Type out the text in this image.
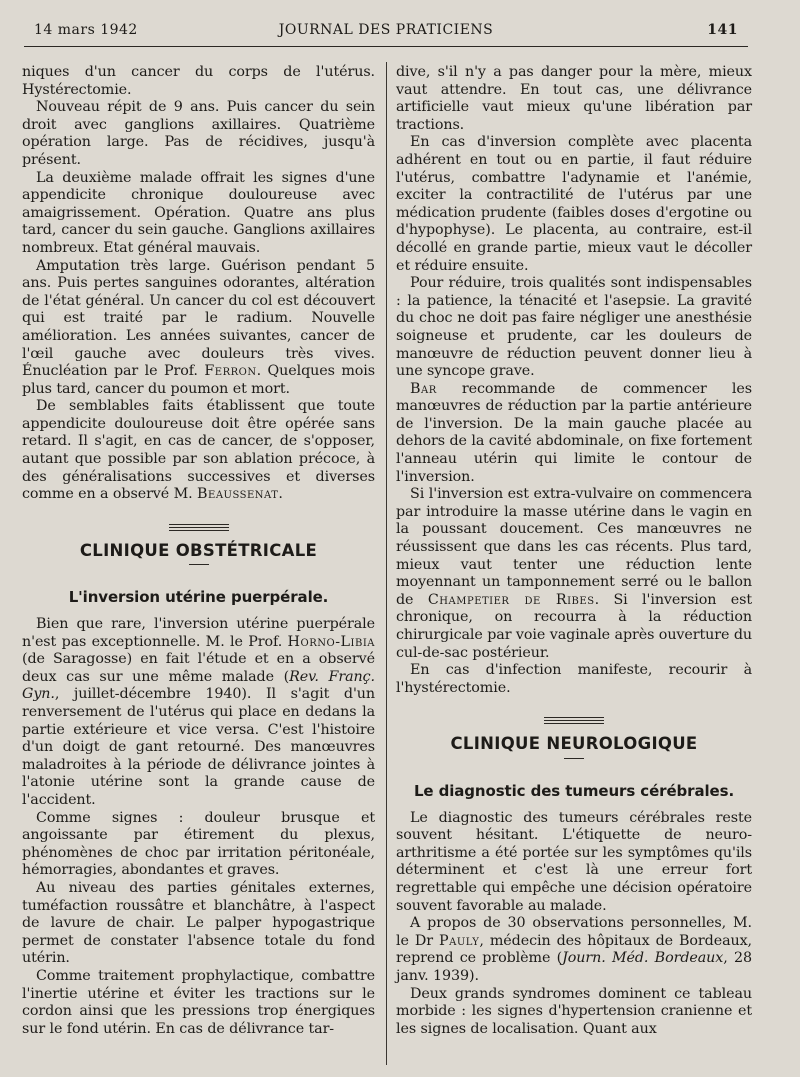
14 mars 1942	JOURNAL DES PRATICIENS	141

niques d'un cancer du corps de l'utérus. Hystérectomie.

Nouveau répit de 9 ans. Puis cancer du sein droit avec ganglions axillaires. Quatrième opération large. Pas de récidives, jusqu'à présent.

La deuxième malade offrait les signes d'une appendicite chronique douloureuse avec amaigrissement. Opération. Quatre ans plus tard, cancer du sein gauche. Ganglions axillaires nombreux. Etat général mauvais.

Amputation très large. Guérison pendant 5 ans. Puis pertes sanguines odorantes, altération de l'état général. Un cancer du col est découvert qui est traité par le radium. Nouvelle amélioration. Les années suivantes, cancer de l'œil gauche avec douleurs très vives. Énucléation par le Prof. Ferron. Quelques mois plus tard, cancer du poumon et mort.

De semblables faits établissent que toute appendicite douloureuse doit être opérée sans retard. Il s'agit, en cas de cancer, de s'opposer, autant que possible par son ablation précoce, à des généralisations successives et diverses comme en a observé M. Beaussenat.

CLINIQUE OBSTÉTRICALE

L'inversion utérine puerpérale.

Bien que rare, l'inversion utérine puerpérale n'est pas exceptionnelle. M. le Prof. Horno-Libia (de Saragosse) en fait l'étude et en a observé deux cas sur une même malade (Rev. Franç. Gyn., juillet-décembre 1940). Il s'agit d'un renversement de l'utérus qui place en dedans la partie extérieure et vice versa. C'est l'histoire d'un doigt de gant retourné. Des manœuvres maladroites à la période de délivrance jointes à l'atonie utérine sont la grande cause de l'accident.

Comme signes : douleur brusque et angoissante par étirement du plexus, phénomènes de choc par irritation péritonéale, hémorragies, abondantes et graves.

Au niveau des parties génitales externes, tuméfaction roussâtre et blanchâtre, à l'aspect de lavure de chair. Le palper hypogastrique permet de constater l'absence totale du fond utérin.

Comme traitement prophylactique, combattre l'inertie utérine et éviter les tractions sur le cordon ainsi que les pressions trop énergiques sur le fond utérin. En cas de délivrance tar-

dive, s'il n'y a pas danger pour la mère, mieux vaut attendre. En tout cas, une délivrance artificielle vaut mieux qu'une libération par tractions.

En cas d'inversion complète avec placenta adhérent en tout ou en partie, il faut réduire l'utérus, combattre l'adynamie et l'anémie, exciter la contractilité de l'utérus par une médication prudente (faibles doses d'ergotine ou d'hypophyse). Le placenta, au contraire, est-il décollé en grande partie, mieux vaut le décoller et réduire ensuite.

Pour réduire, trois qualités sont indispensables : la patience, la ténacité et l'asepsie. La gravité du choc ne doit pas faire négliger une anesthésie soigneuse et prudente, car les douleurs de manœuvre de réduction peuvent donner lieu à une syncope grave.

Bar recommande de commencer les manœuvres de réduction par la partie antérieure de l'inversion. De la main gauche placée au dehors de la cavité abdominale, on fixe fortement l'anneau utérin qui limite le contour de l'inversion.

Si l'inversion est extra-vulvaire on commencera par introduire la masse utérine dans le vagin en la poussant doucement. Ces manœuvres ne réussissent que dans les cas récents. Plus tard, mieux vaut tenter une réduction lente moyennant un tamponnement serré ou le ballon de Champetier de Ribes. Si l'inversion est chronique, on recourra à la réduction chirurgicale par voie vaginale après ouverture du cul-de-sac postérieur.

En cas d'infection manifeste, recourir à l'hystérectomie.

CLINIQUE NEUROLOGIQUE

Le diagnostic des tumeurs cérébrales.

Le diagnostic des tumeurs cérébrales reste souvent hésitant. L'étiquette de neuro-arthritisme a été portée sur les symptômes qu'ils déterminent et c'est là une erreur fort regrettable qui empêche une décision opératoire souvent favorable au malade.

A propos de 30 observations personnelles, M. le Dr Pauly, médecin des hôpitaux de Bordeaux, reprend ce problème (Journ. Méd. Bordeaux, 28 janv. 1939).

Deux grands syndromes dominent ce tableau morbide : les signes d'hypertension cranienne et les signes de localisation. Quant aux
